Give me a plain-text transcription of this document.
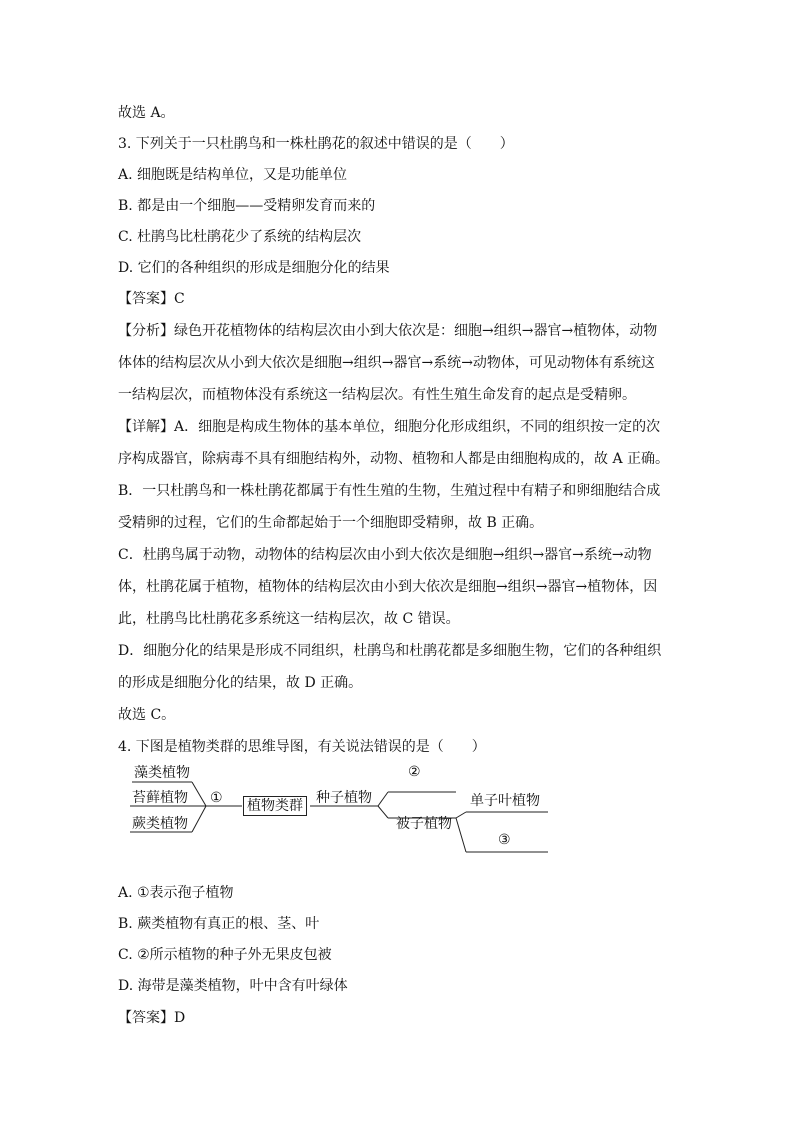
故选 A。
3. 下列关于一只杜鹃鸟和一株杜鹃花的叙述中错误的是（　　）
A. 细胞既是结构单位，又是功能单位
B. 都是由一个细胞——受精卵发育而来的
C. 杜鹃鸟比杜鹃花少了系统的结构层次
D. 它们的各种组织的形成是细胞分化的结果
【答案】C
【分析】绿色开花植物体的结构层次由小到大依次是：细胞→组织→器官→植物体，动物
体体的结构层次从小到大依次是细胞→组织→器官→系统→动物体，可见动物体有系统这
一结构层次，而植物体没有系统这一结构层次。有性生殖生命发育的起点是受精卵。
【详解】A．细胞是构成生物体的基本单位，细胞分化形成组织，不同的组织按一定的次
序构成器官，除病毒不具有细胞结构外，动物、植物和人都是由细胞构成的，故 A 正确。
B．一只杜鹃鸟和一株杜鹃花都属于有性生殖的生物，生殖过程中有精子和卵细胞结合成
受精卵的过程，它们的生命都起始于一个细胞即受精卵，故 B 正确。
C．杜鹃鸟属于动物，动物体的结构层次由小到大依次是细胞→组织→器官→系统→动物
体，杜鹃花属于植物，植物体的结构层次由小到大依次是细胞→组织→器官→植物体，因
此，杜鹃鸟比杜鹃花多系统这一结构层次，故 C 错误。
D．细胞分化的结果是形成不同组织，杜鹃鸟和杜鹃花都是多细胞生物，它们的各种组织
的形成是细胞分化的结果，故 D 正确。
故选 C。
4. 下图是植物类群的思维导图，有关说法错误的是（　　）
藻类植物
苔藓植物
蕨类植物
① 植物类群 种子植物
②
被子植物
单子叶植物
③
A. ①表示孢子植物
B. 蕨类植物有真正的根、茎、叶
C. ②所示植物的种子外无果皮包被
D. 海带是藻类植物，叶中含有叶绿体
【答案】D
